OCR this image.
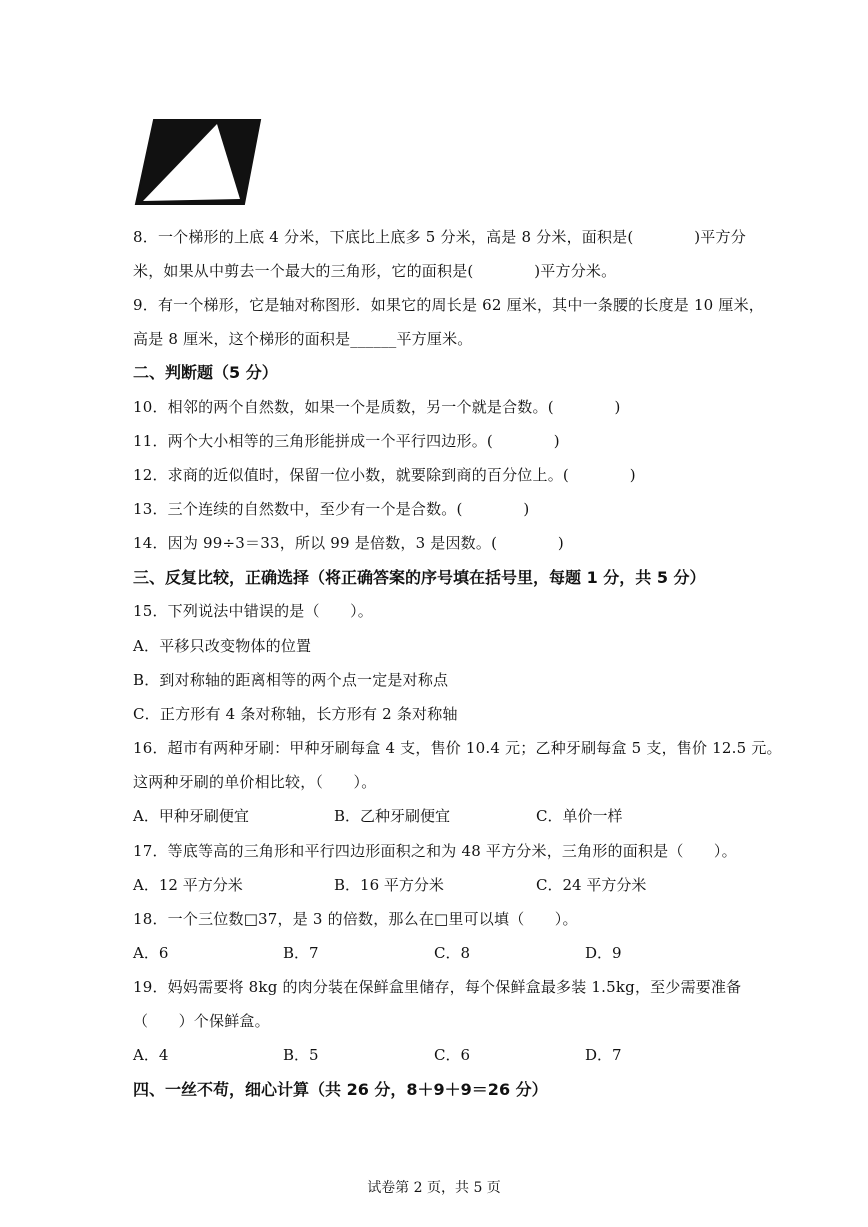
8．一个梯形的上底 4 分米，下底比上底多 5 分米，高是 8 分米，面积是(　　　　)平方分
米，如果从中剪去一个最大的三角形，它的面积是(　　　　)平方分米。
9．有一个梯形，它是轴对称图形．如果它的周长是 62 厘米，其中一条腰的长度是 10 厘米，
高是 8 厘米，这个梯形的面积是______平方厘米。
二、判断题（5 分）
10．相邻的两个自然数，如果一个是质数，另一个就是合数。(　　　　)
11．两个大小相等的三角形能拼成一个平行四边形。(　　　　)
12．求商的近似值时，保留一位小数，就要除到商的百分位上。(　　　　)
13．三个连续的自然数中，至少有一个是合数。(　　　　)
14．因为 99÷3＝33，所以 99 是倍数，3 是因数。(　　　　)
三、反复比较，正确选择（将正确答案的序号填在括号里，每题 1 分，共 5 分）
15．下列说法中错误的是（　　）。
A．平移只改变物体的位置
B．到对称轴的距离相等的两个点一定是对称点
C．正方形有 4 条对称轴，长方形有 2 条对称轴
16．超市有两种牙刷：甲种牙刷每盒 4 支，售价 10.4 元；乙种牙刷每盒 5 支，售价 12.5 元。
这两种牙刷的单价相比较，（　　）。
A．甲种牙刷便宜	B．乙种牙刷便宜	C．单价一样
17．等底等高的三角形和平行四边形面积之和为 48 平方分米，三角形的面积是（　　）。
A．12 平方分米	B．16 平方分米	C．24 平方分米
18．一个三位数□37，是 3 的倍数，那么在□里可以填（　　）。
A．6	B．7	C．8	D．9
19．妈妈需要将 8kg 的肉分装在保鲜盒里储存，每个保鲜盒最多装 1.5kg，至少需要准备
（　　）个保鲜盒。
A．4	B．5	C．6	D．7
四、一丝不苟，细心计算（共 26 分，8＋9＋9＝26 分）
试卷第 2 页，共 5 页
